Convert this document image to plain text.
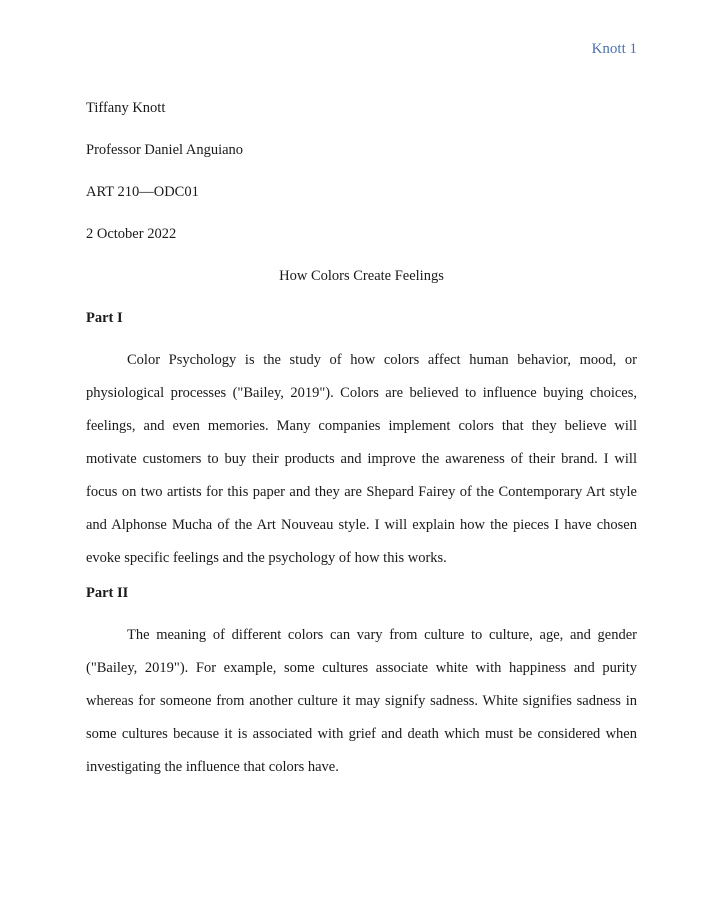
Knott 1

Tiffany Knott

Professor Daniel Anguiano

ART 210—ODC01

2 October 2022

How Colors Create Feelings

Part I

Color Psychology is the study of how colors affect human behavior, mood, or physiological processes ("Bailey, 2019"). Colors are believed to influence buying choices, feelings, and even memories. Many companies implement colors that they believe will motivate customers to buy their products and improve the awareness of their brand. I will focus on two artists for this paper and they are Shepard Fairey of the Contemporary Art style and Alphonse Mucha of the Art Nouveau style. I will explain how the pieces I have chosen evoke specific feelings and the psychology of how this works.

Part II

The meaning of different colors can vary from culture to culture, age, and gender ("Bailey, 2019"). For example, some cultures associate white with happiness and purity whereas for someone from another culture it may signify sadness. White signifies sadness in some cultures because it is associated with grief and death which must be considered when investigating the influence that colors have.
